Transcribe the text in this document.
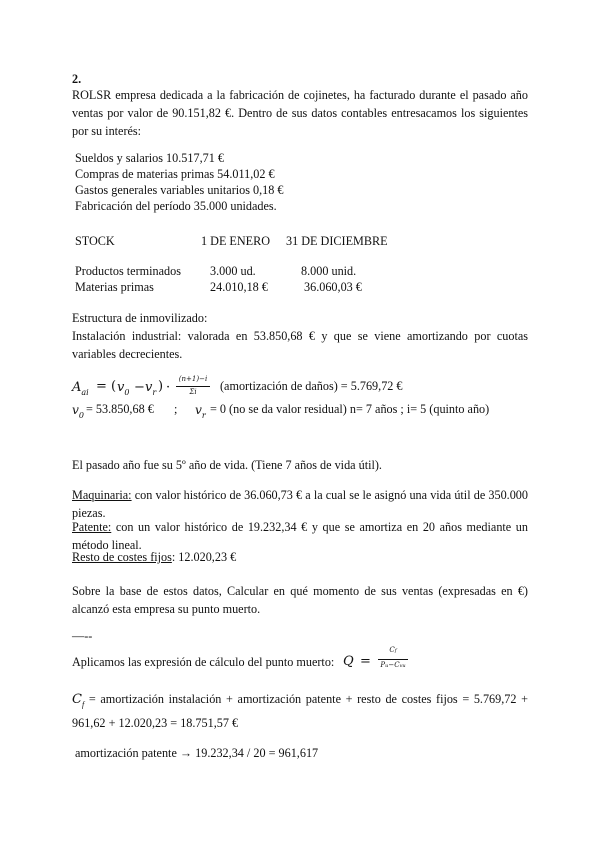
2.
ROLSR empresa dedicada a la fabricación de cojinetes, ha facturado durante el pasado año ventas por valor de 90.151,82 €. Dentro de sus datos contables entresacamos los siguientes por su interés:
Sueldos y salarios 10.517,71 €
Compras de materias primas 54.011,02 €
Gastos generales variables unitarios 0,18 €
Fabricación del período 35.000 unidades.
STOCK	1 DE ENERO 31 DE DICIEMBRE
Productos terminados 3.000 ud.	8.000 unid.
Materias primas	24.010,18 €	36.060,03 €
Estructura de inmovilizado:
Instalación industrial: valorada en 53.850,68 € y que se viene amortizando por cuotas variables decrecientes.
$A_{ai}$ = ( $v_0 - v_r$ ) ·
(n+1)−i
Σi	(amortización de daños) = 5.769,72 €
$v_0 = 53.850,68$ € ; $v_r = 0$ (no se da valor residual) n= 7 años ; i= 5 (quinto año)
El pasado año fue su 5º año de vida. (Tiene 7 años de vida útil).
Maquinaria: con valor histórico de 36.060,73 € a la cual se le asignó una vida útil de 350.000 piezas.
Patente: con un valor histórico de 19.232,34 € y que se amortiza en 20 años mediante un método lineal.
Resto de costes fijos: 12.020,23 €
Sobre la base de estos datos, Calcular en qué momento de sus ventas (expresadas en €) alcanzó esta empresa su punto muerto.
—--
Aplicamos las expresión de cálculo del punto muerto: Q =
Cf
Pu−Cvu
$C_f$ = amortización instalación + amortización patente + resto de costes fijos = 5.769,72 + 961,62 + 12.020,23 = 18.751,57 €
amortización patente → 19.232,34 / 20 = 961,617
